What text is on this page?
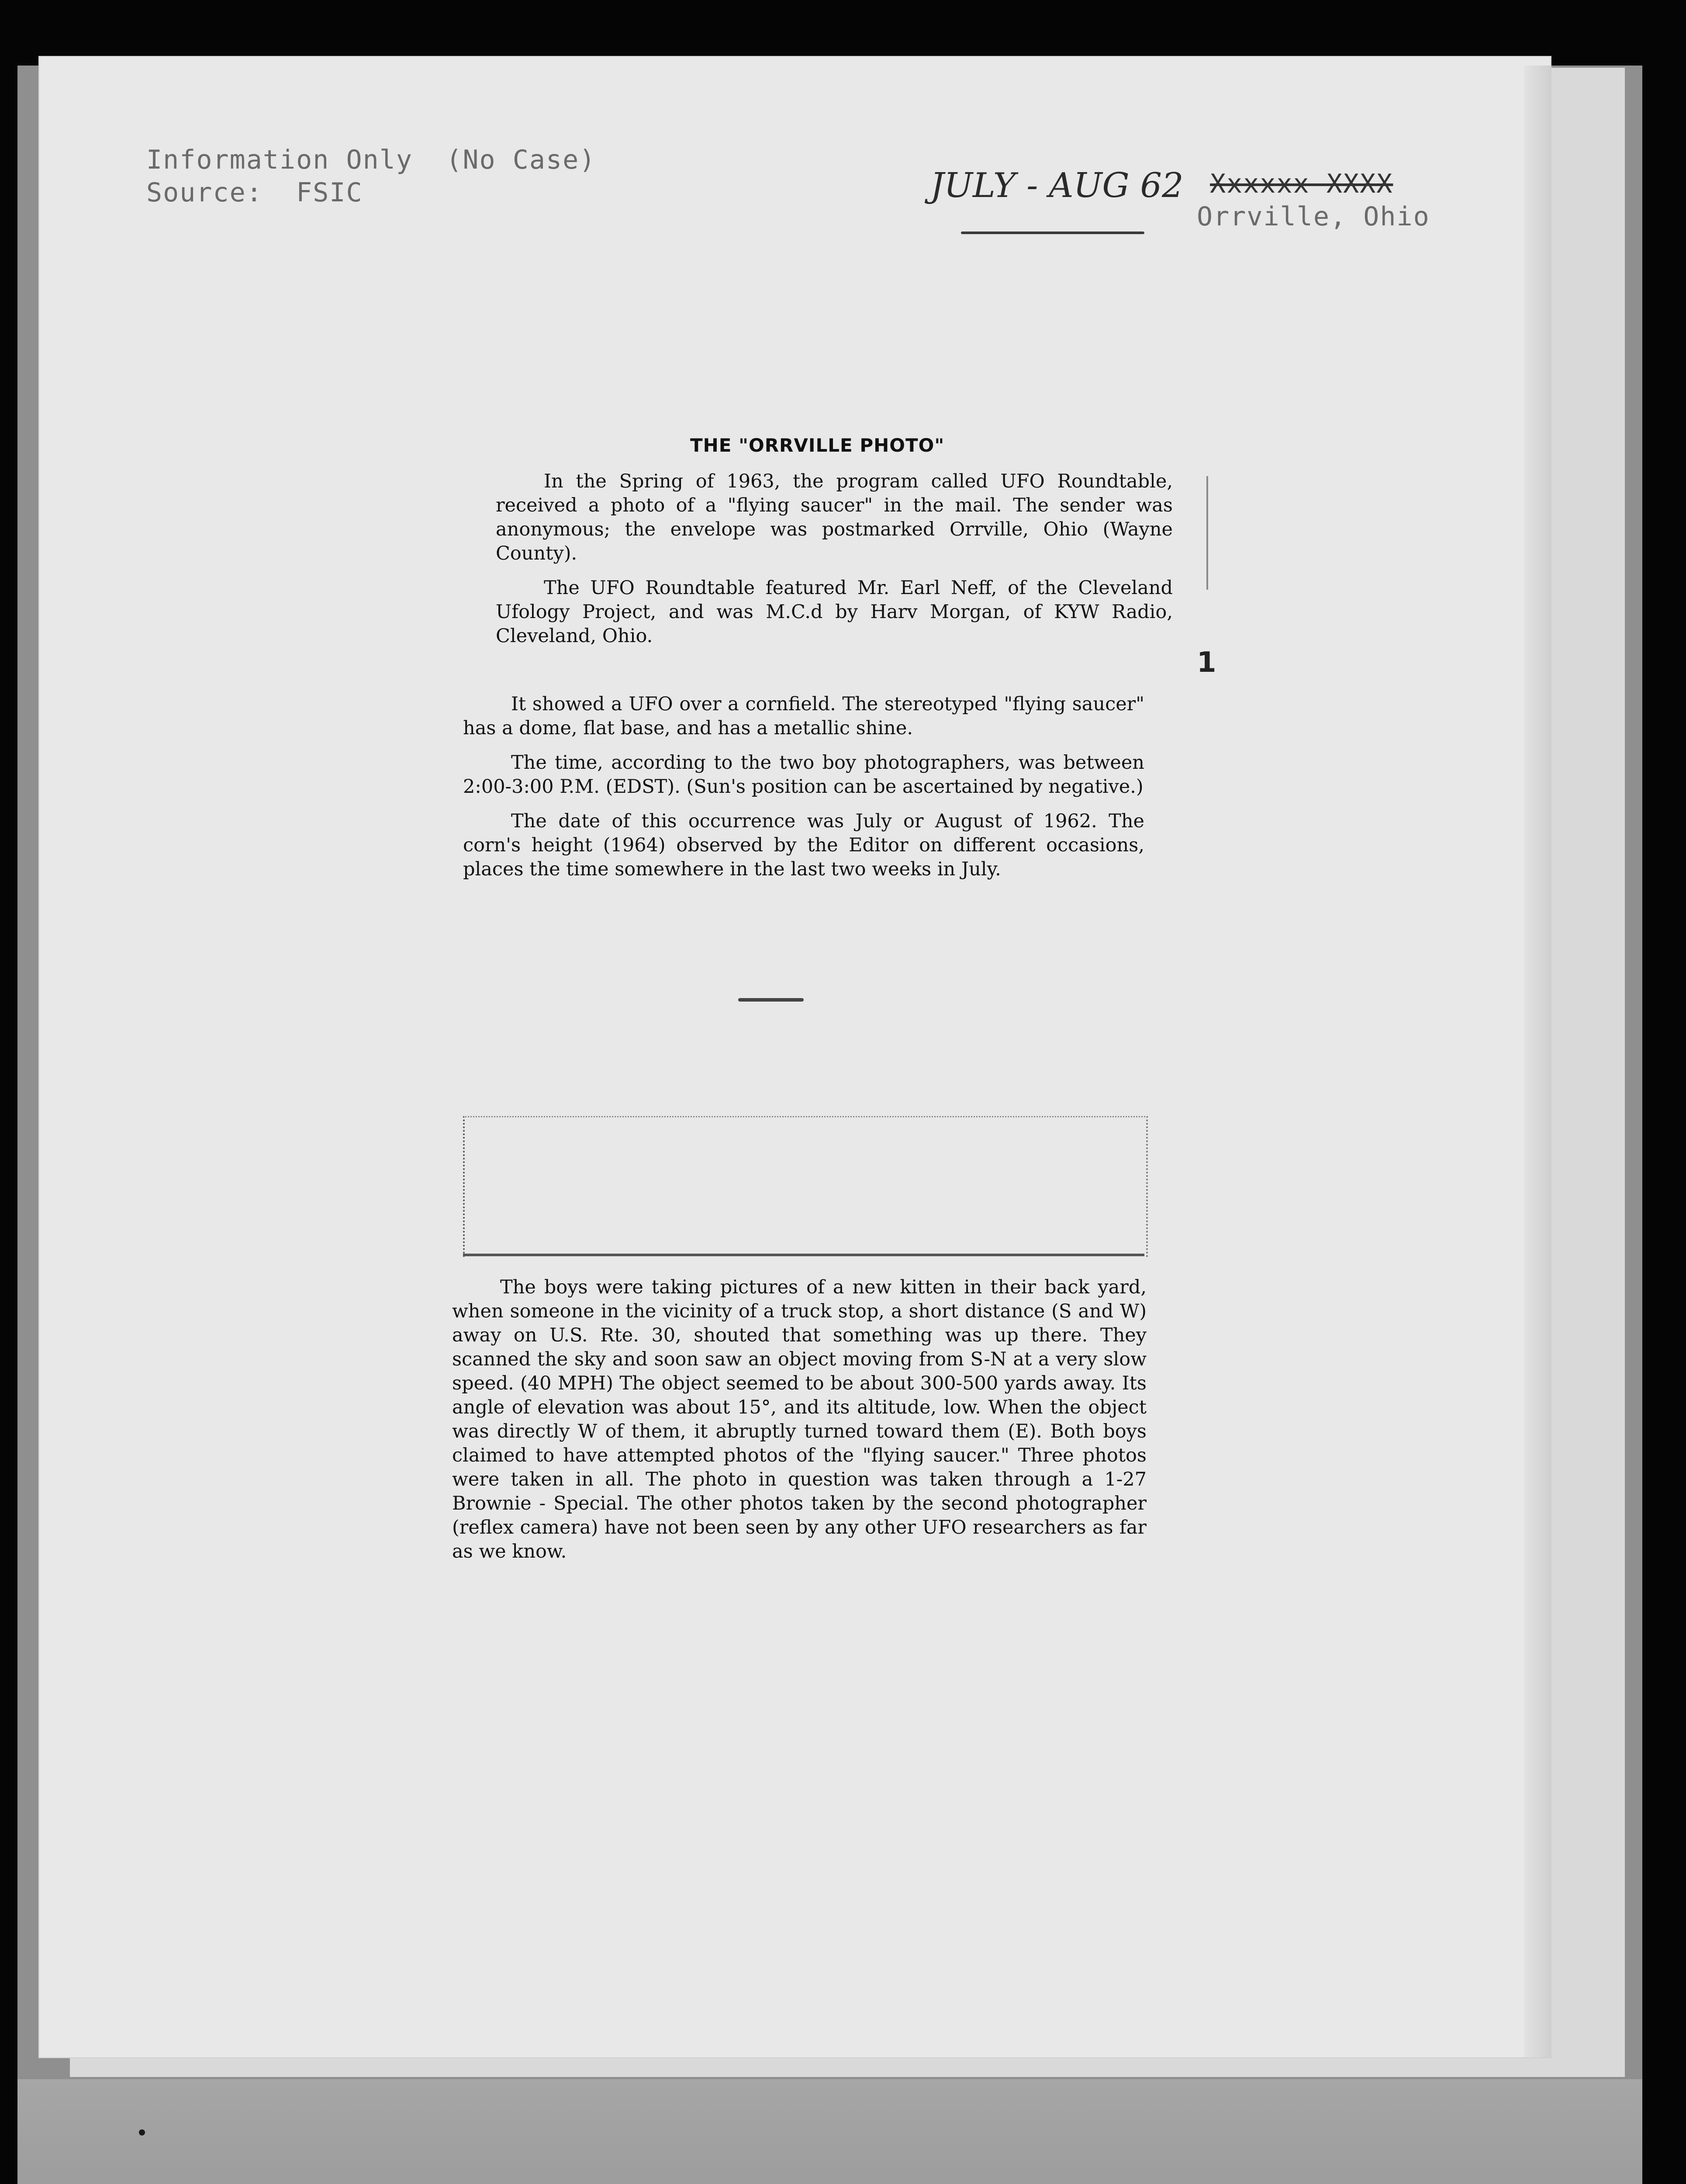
Information Only  (No Case)
Source:  FSIC	JULY - AUG 62 Xxxxxx XXXX
Orrville, Ohio
THE "ORRVILLE PHOTO"

In the Spring of 1963, the program called UFO Roundtable, received a photo of a "flying saucer" in the mail. The sender was anonymous; the envelope was postmarked Orrville, Ohio (Wayne County).

The UFO Roundtable featured Mr. Earl Neff, of the Cleveland Ufology Project, and was M.C.d by Harv Morgan, of KYW Radio, Cleveland, Ohio.

1

It showed a UFO over a cornfield. The stereotyped "flying saucer" has a dome, flat base, and has a metallic shine.

The time, according to the two boy photographers, was between 2:00-3:00 P.M. (EDST). (Sun's position can be ascertained by negative.)

The date of this occurrence was July or August of 1962. The corn's height (1964) observed by the Editor on different occasions, places the time somewhere in the last two weeks in July.

The boys were taking pictures of a new kitten in their back yard, when someone in the vicinity of a truck stop, a short distance (S and W) away on U.S. Rte. 30, shouted that something was up there. They scanned the sky and soon saw an object moving from S-N at a very slow speed. (40 MPH) The object seemed to be about 300-500 yards away. Its angle of elevation was about 15°, and its altitude, low. When the object was directly W of them, it abruptly turned toward them (E). Both boys claimed to have attempted photos of the "flying saucer." Three photos were taken in all. The photo in question was taken through a 1-27 Brownie - Special. The other photos taken by the second photographer (reflex camera) have not been seen by any other UFO researchers as far as we know.
